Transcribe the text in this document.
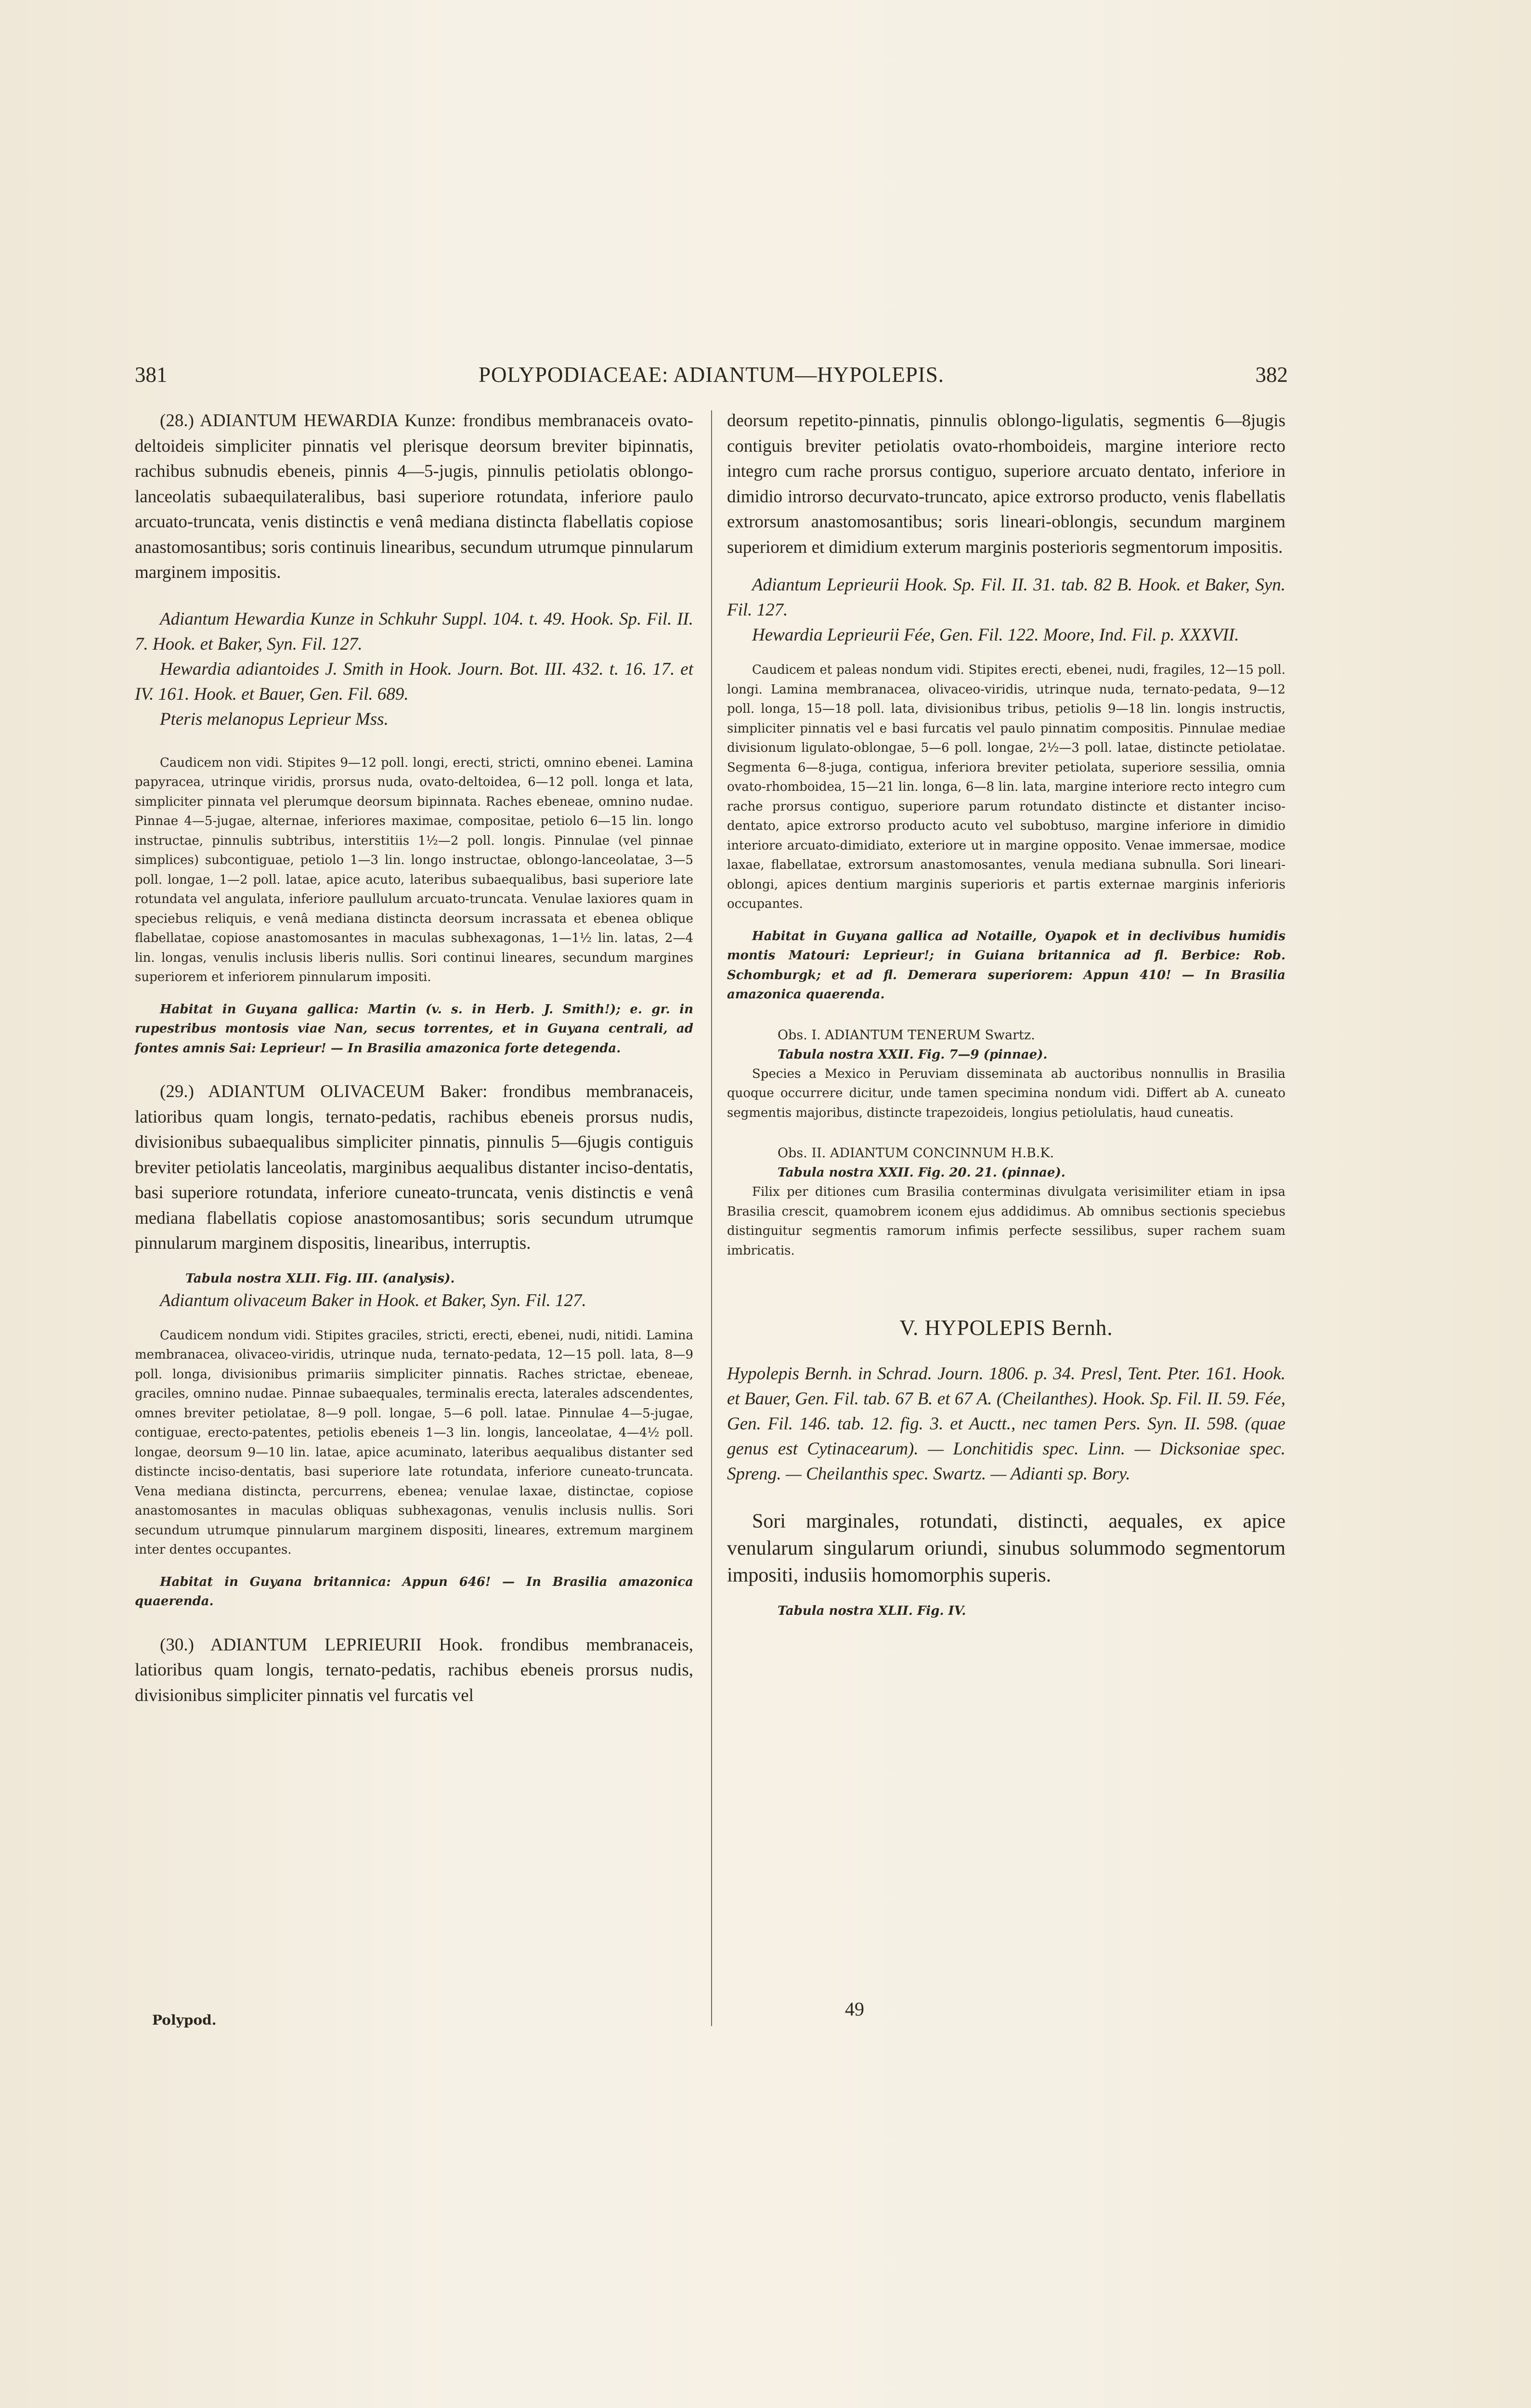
381	POLYPODIACEAE: ADIANTUM—HYPOLEPIS.	382

(28.) ADIANTUM HEWARDIA Kunze: frondibus membranaceis ovato-deltoideis simpliciter pinnatis vel plerisque deorsum breviter bipinnatis, rachibus subnudis ebeneis, pinnis 4—5-jugis, pinnulis petiolatis oblongo-lanceolatis subaequilateralibus, basi superiore rotundata, inferiore paulo arcuato-truncata, venis distinctis e venâ mediana distincta flabellatis copiose anastomosantibus; soris continuis linearibus, secundum utrumque pinnularum marginem impositis.

Adiantum Hewardia Kunze in Schkuhr Suppl. 104. t. 49. Hook. Sp. Fil. II. 7. Hook. et Baker, Syn. Fil. 127.

Hewardia adiantoides J. Smith in Hook. Journ. Bot. III. 432. t. 16. 17. et IV. 161. Hook. et Bauer, Gen. Fil. 689.

Pteris melanopus Leprieur Mss.

Caudicem non vidi. Stipites 9—12 poll. longi, erecti, stricti, omnino ebenei. Lamina papyracea, utrinque viridis, prorsus nuda, ovato-deltoidea, 6—12 poll. longa et lata, simpliciter pinnata vel plerumque deorsum bipinnata. Raches ebeneae, omnino nudae. Pinnae 4—5-jugae, alternae, inferiores maximae, compositae, petiolo 6—15 lin. longo instructae, pinnulis subtribus, interstitiis 1½—2 poll. longis. Pinnulae (vel pinnae simplices) subcontiguae, petiolo 1—3 lin. longo instructae, oblongo-lanceolatae, 3—5 poll. longae, 1—2 poll. latae, apice acuto, lateribus subaequalibus, basi superiore late rotundata vel angulata, inferiore paullulum arcuato-truncata. Venulae laxiores quam in speciebus reliquis, e venâ mediana distincta deorsum incrassata et ebenea oblique flabellatae, copiose anastomosantes in maculas subhexagonas, 1—1½ lin. latas, 2—4 lin. longas, venulis inclusis liberis nullis. Sori continui lineares, secundum margines superiorem et inferiorem pinnularum impositi.

Habitat in Guyana gallica: Martin (v. s. in Herb. J. Smith!); e. gr. in rupestribus montosis viae Nan, secus torrentes, et in Guyana centrali, ad fontes amnis Sai: Leprieur! — In Brasilia amazonica forte detegenda.

(29.) ADIANTUM OLIVACEUM Baker: frondibus membranaceis, latioribus quam longis, ternato-pedatis, rachibus ebeneis prorsus nudis, divisionibus subaequalibus simpliciter pinnatis, pinnulis 5—6jugis contiguis breviter petiolatis lanceolatis, marginibus aequalibus distanter inciso-dentatis, basi superiore rotundata, inferiore cuneato-truncata, venis distinctis e venâ mediana flabellatis copiose anastomosantibus; soris secundum utrumque pinnularum marginem dispositis, linearibus, interruptis.

Tabula nostra XLII. Fig. III. (analysis).

Adiantum olivaceum Baker in Hook. et Baker, Syn. Fil. 127.

Caudicem nondum vidi. Stipites graciles, stricti, erecti, ebenei, nudi, nitidi. Lamina membranacea, olivaceo-viridis, utrinque nuda, ternato-pedata, 12—15 poll. lata, 8—9 poll. longa, divisionibus primariis simpliciter pinnatis. Raches strictae, ebeneae, graciles, omnino nudae. Pinnae subaequales, terminalis erecta, laterales adscendentes, omnes breviter petiolatae, 8—9 poll. longae, 5—6 poll. latae. Pinnulae 4—5-jugae, contiguae, erecto-patentes, petiolis ebeneis 1—3 lin. longis, lanceolatae, 4—4½ poll. longae, deorsum 9—10 lin. latae, apice acuminato, lateribus aequalibus distanter sed distincte inciso-dentatis, basi superiore late rotundata, inferiore cuneato-truncata. Vena mediana distincta, percurrens, ebenea; venulae laxae, distinctae, copiose anastomosantes in maculas obliquas subhexagonas, venulis inclusis nullis. Sori secundum utrumque pinnularum marginem dispositi, lineares, extremum marginem inter dentes occupantes.

Habitat in Guyana britannica: Appun 646! — In Brasilia amazonica quaerenda.

(30.) ADIANTUM LEPRIEURII Hook. frondibus membranaceis, latioribus quam longis, ternato-pedatis, rachibus ebeneis prorsus nudis, divisionibus simpliciter pinnatis vel furcatis vel

deorsum repetito-pinnatis, pinnulis oblongo-ligulatis, segmentis 6—8jugis contiguis breviter petiolatis ovato-rhomboideis, margine interiore recto integro cum rache prorsus contiguo, superiore arcuato dentato, inferiore in dimidio introrso decurvato-truncato, apice extrorso producto, venis flabellatis extrorsum anastomosantibus; soris lineari-oblongis, secundum marginem superiorem et dimidium exterum marginis posterioris segmentorum impositis.

Adiantum Leprieurii Hook. Sp. Fil. II. 31. tab. 82 B. Hook. et Baker, Syn. Fil. 127.

Hewardia Leprieurii Fée, Gen. Fil. 122. Moore, Ind. Fil. p. XXXVII.

Caudicem et paleas nondum vidi. Stipites erecti, ebenei, nudi, fragiles, 12—15 poll. longi. Lamina membranacea, olivaceo-viridis, utrinque nuda, ternato-pedata, 9—12 poll. longa, 15—18 poll. lata, divisionibus tribus, petiolis 9—18 lin. longis instructis, simpliciter pinnatis vel e basi furcatis vel paulo pinnatim compositis. Pinnulae mediae divisionum ligulato-oblongae, 5—6 poll. longae, 2½—3 poll. latae, distincte petiolatae. Segmenta 6—8-juga, contigua, inferiora breviter petiolata, superiore sessilia, omnia ovato-rhomboidea, 15—21 lin. longa, 6—8 lin. lata, margine interiore recto integro cum rache prorsus contiguo, superiore parum rotundato distincte et distanter inciso-dentato, apice extrorso producto acuto vel subobtuso, margine inferiore in dimidio interiore arcuato-dimidiato, exteriore ut in margine opposito. Venae immersae, modice laxae, flabellatae, extrorsum anastomosantes, venula mediana subnulla. Sori lineari-oblongi, apices dentium marginis superioris et partis externae marginis inferioris occupantes.

Habitat in Guyana gallica ad Notaille, Oyapok et in declivibus humidis montis Matouri: Leprieur!; in Guiana britannica ad fl. Berbice: Rob. Schomburgk; et ad fl. Demerara superiorem: Appun 410! — In Brasilia amazonica quaerenda.

Obs. I. ADIANTUM TENERUM Swartz.

Tabula nostra XXII. Fig. 7—9 (pinnae).

Species a Mexico in Peruviam disseminata ab auctoribus nonnullis in Brasilia quoque occurrere dicitur, unde tamen specimina nondum vidi. Differt ab A. cuneato segmentis majoribus, distincte trapezoideis, longius petiolulatis, haud cuneatis.

Obs. II. ADIANTUM CONCINNUM H.B.K.

Tabula nostra XXII. Fig. 20. 21. (pinnae).

Filix per ditiones cum Brasilia conterminas divulgata verisimiliter etiam in ipsa Brasilia crescit, quamobrem iconem ejus addidimus. Ab omnibus sectionis speciebus distinguitur segmentis ramorum infimis perfecte sessilibus, super rachem suam imbricatis.

V. HYPOLEPIS Bernh.

Hypolepis Bernh. in Schrad. Journ. 1806. p. 34. Presl, Tent. Pter. 161. Hook. et Bauer, Gen. Fil. tab. 67 B. et 67 A. (Cheilanthes). Hook. Sp. Fil. II. 59. Fée, Gen. Fil. 146. tab. 12. fig. 3. et Auctt., nec tamen Pers. Syn. II. 598. (quae genus est Cytinacearum). — Lonchitidis spec. Linn. — Dicksoniae spec. Spreng. — Cheilanthis spec. Swartz. — Adianti sp. Bory.

Sori marginales, rotundati, distincti, aequales, ex apice venularum singularum oriundi, sinubus solummodo segmentorum impositi, indusiis homomorphis superis.

Tabula nostra XLII. Fig. IV.

Polypod.
49
